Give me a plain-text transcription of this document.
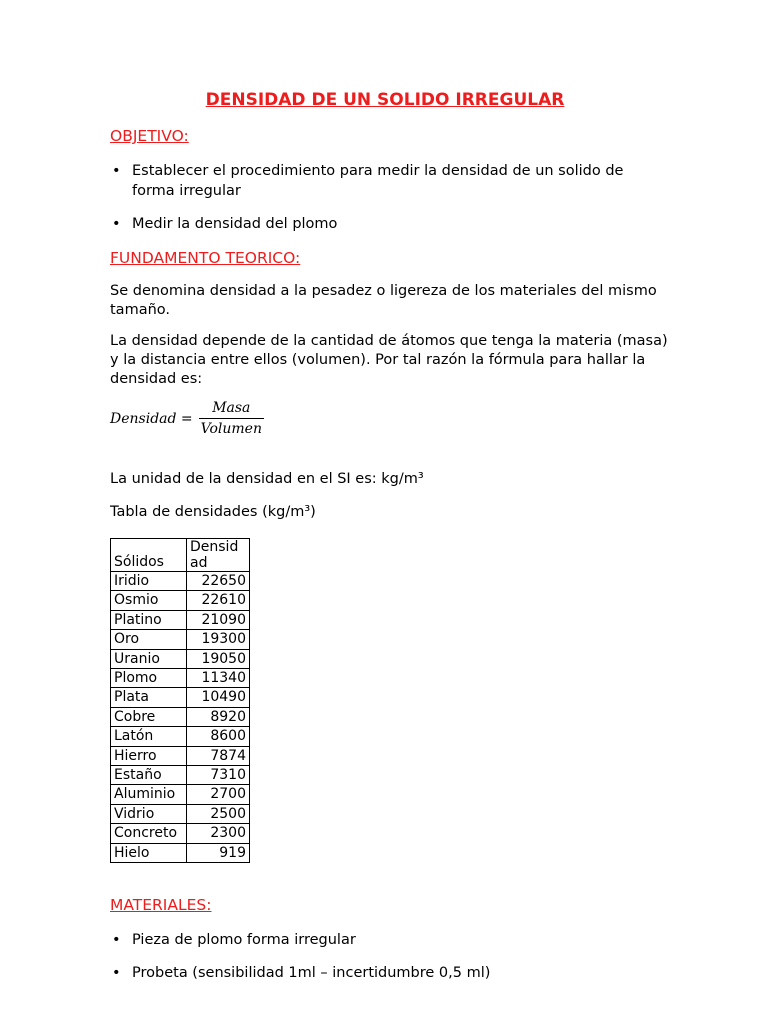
DENSIDAD DE UN SOLIDO IRREGULAR
OBJETIVO:
• Establecer el procedimiento para medir la densidad de un solido de forma irregular
• Medir la densidad del plomo
FUNDAMENTO TEORICO:

Se denomina densidad a la pesadez o ligereza de los materiales del mismo tamaño.

La densidad depende de la cantidad de átomos que tenga la materia (masa) y la distancia entre ellos (volumen). Por tal razón la fórmula para hallar la densidad es:

Densidad = $\frac{\text{Masa}}{\text{Volumen}}$

La unidad de la densidad en el SI es: kg/m³

Tabla de densidades (kg/m³)

Sólidos	Densidad
Iridio	22650
Osmio	22610
Platino	21090
Oro	19300
Uranio	19050
Plomo	11340
Plata	10490
Cobre	8920
Latón	8600
Hierro	7874
Estaño	7310
Aluminio	2700
Vidrio	2500
Concreto	2300
Hielo	919
MATERIALES:
• Pieza de plomo forma irregular
• Probeta (sensibilidad 1ml – incertidumbre 0,5 ml)
